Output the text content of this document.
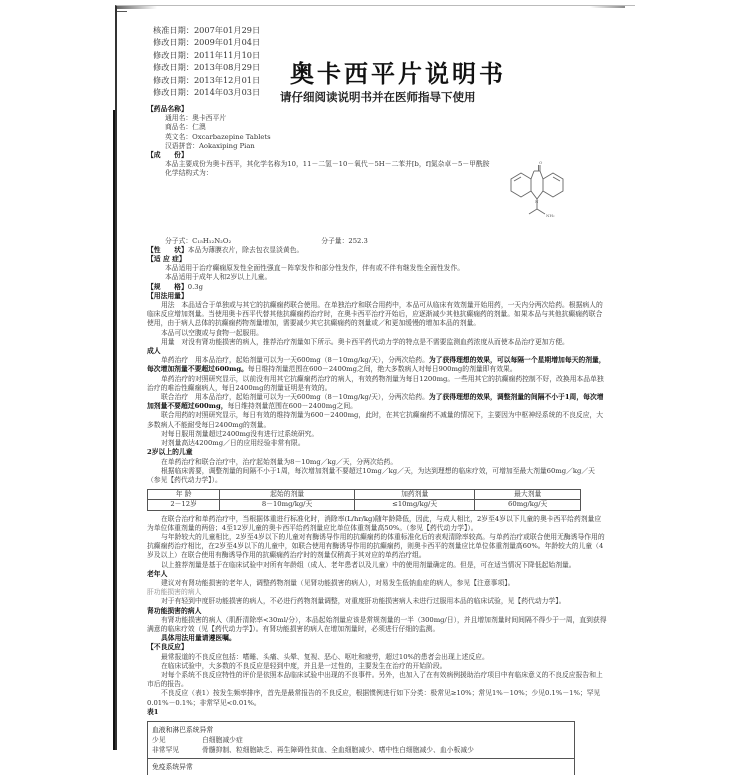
核准日期：2007年01月29日
修改日期：2009年01月04日
修改日期：2011年11月10日
修改日期：2013年08月29日
修改日期：2013年12月01日
修改日期：2014年03月03日
奥卡西平片说明书
请仔细阅读说明书并在医师指导下使用
【药品名称】
通用名：奥卡西平片
商品名：仁澳
英文名：Oxcarbazepine Tablets
汉语拼音：Aokaxiping Pian
【成　　份】
本品主要成份为奥卡西平，其化学名称为10，11－二氢－10－氧代－5H－二苯并[b，f]氮杂卓－5－甲酰胺
化学结构式为：
O
N
NH₂
分子式：C₁₅H₁₂N₂O₂	分子量：252.3
【性　　状】本品为薄膜衣片，除去包衣显淡黄色。
【适 应 症】
本品适用于治疗癫痫原发性全面性强直－阵挛发作和部分性发作，伴有或不伴有继发性全面性发作。
本品适用于成年人和2岁以上儿童。
【规　　格】0.3g
【用法用量】
用法　本品适合于单独或与其它的抗癫痫药联合使用。在单独治疗和联合用药中，本品可从临床有效剂量开始用药，一天内分两次给药。根据病人的临床反应增加剂量。当使用奥卡西平代替其他抗癫痫药治疗时，在奥卡西平治疗开始后，应逐渐减少其他抗癫痫药的剂量。如果本品与其他抗癫痫药联合使用，由于病人总体的抗癫痫药物剂量增加，需要减少其它抗癫痫药的剂量或／和更加缓慢的增加本品的剂量。
本品可以空腹或与食物一起服用。
用量　对没有肾功能损害的病人，推荐治疗剂量如下所示。奥卡西平药代动力学的特点是不需要监测血药浓度从而使本品治疗更加方便。
成人
单药治疗　用本品治疗，起始剂量可以为一天600mg（8－10mg/kg/天），分两次给药。为了获得理想的效果，可以每隔一个星期增加每天的剂量，每次增加剂量不要超过600mg。每日维持剂量范围在600－2400mg之间，绝大多数病人对每日900mg的剂量即有效果。
单药治疗的对照研究显示，以前没有用其它抗癫痫药治疗的病人，有效药物剂量为每日1200mg。一些用其它的抗癫痫药控制不好，改换用本品单独治疗的难治性癫痫病人，每日2400mg的剂量证明是有效的。
联合治疗　用本品治疗，起始剂量可以为一天600mg（8－10mg/kg/天），分两次给药。为了获得理想的效果，调整剂量的间隔不小于1周，每次增加剂量不要超过600mg，每日维持剂量范围在600－2400mg之间。
联合用药的对照研究显示，每日有效的维持剂量为600－2400mg，此时，在其它抗癫痫药不减量的情况下，主要因为中枢神经系统的不良反应，大多数病人不能耐受每日2400mg的剂量。
对每日服用剂量超过2400mg没有进行过系统研究。
对剂量高达4200mg／日的应用经验非常有限。
2岁以上的儿童
在单药治疗和联合治疗中，治疗起始剂量为8－10mg／kg／天，分两次给药。
根据临床需要，调整剂量的间隔不小于1周，每次增加剂量不要超过10mg／kg／天，为达到理想的临床疗效，可增加至最大剂量60mg／kg／天（参见【药代动力学】）。
年 龄	起始的剂量	加药剂量	最大剂量
2－12岁	8－10mg/kg/天	≤10mg/kg/天	60mg/kg/天
在联合治疗和单药治疗中，当根据体重进行标准化时，消除率(L/hr/kg)随年龄降低，因此，与成人相比，2岁至4岁以下儿童的奥卡西平给药剂量应为单位体重剂量的两倍；4至12岁儿童的奥卡西平给药剂量应比单位体重剂量高50%。（参见【药代动力学】）。
与年龄较大的儿童相比，2岁至4岁以下的儿童对有酶诱导作用的抗癫痫药的体重标准化后的表观清除率较高。与单药治疗或联合使用无酶诱导作用的抗癫痫药治疗相比，在2岁至4岁以下的儿童中，如联合使用有酶诱导作用的抗癫痫药，则奥卡西平的剂量应比单位体重剂量高60%。年龄较大的儿童（4岁及以上）在联合使用有酶诱导作用的抗癫痫药治疗时的剂量仅稍高于其对应的单药治疗组。
以上推荐剂量是基于在临床试验中对所有年龄组（成人、老年患者以及儿童）中的使用剂量确定的。但是，可在适当情况下降低起始剂量。
老年人
建议对有肾功能损害的老年人，调整药物剂量（见肾功能损害的病人），对易发生低钠血症的病人，参见【注意事项】。
肝功能损害的病人
对于有轻到中度肝功能损害的病人，不必进行药物剂量调整，对重度肝功能损害病人未进行过服用本品的临床试验，见【药代动力学】。
肾功能损害的病人
有肾功能损害的病人（肌酐清除率<30ml/分），本品起始剂量应该是常规剂量的一半（300mg/日），并且增加剂量时间间隔不得少于一周，直到获得满意的临床疗效（见【药代动力学】）。有肾功能损害的病人在增加剂量时，必须进行仔细的监测。
具体用法用量请遵医嘱。
【不良反应】
最常报道的不良反应包括：嗜睡、头痛、头晕、复视、恶心、呕吐和疲劳，超过10%的患者会出现上述反应。
在临床试验中，大多数的不良反应是轻到中度，并且是一过性的，主要发生在治疗的开始阶段。
对每个系统不良反应特性的评价是依照本品临床试验中出现的不良事件。另外，也加入了在有效病例援助治疗项目中有临床意义的不良反应报告和上市后的报告。
不良反应（表1）按发生频率排序，首先是最常报告的不良反应，根据惯例进行如下分类：极常见≥10%；常见1%－10%；少见0.1%－1%；罕见0.01%－0.1%；非常罕见<0.01%。
表1
血液和淋巴系统异常
少见	白细胞减少症
非常罕见	骨髓抑制、粒细胞缺乏、再生障碍性贫血、全血细胞减少、嗜中性白细胞减少、血小板减少
免疫系统异常
